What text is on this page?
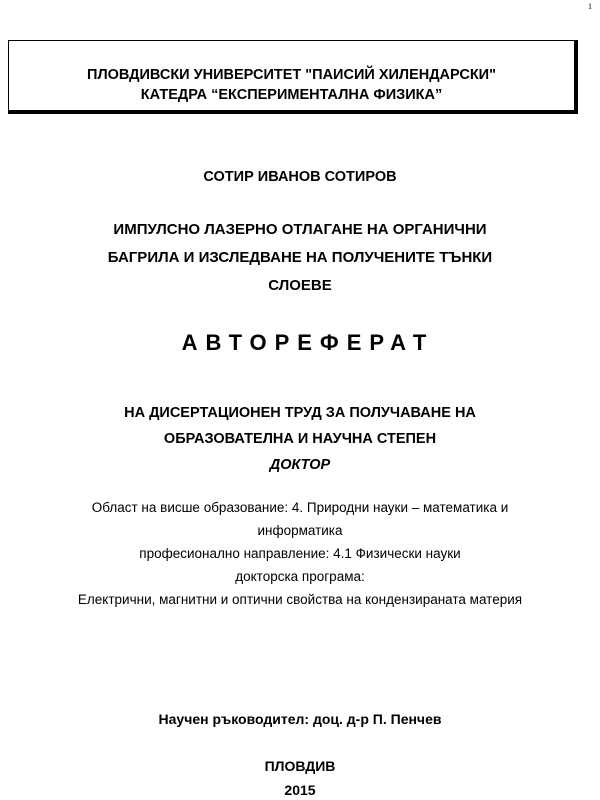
1
ПЛОВДИВСКИ УНИВЕРСИТЕТ "ПАИСИЙ ХИЛЕНДАРСКИ"
КАТЕДРА “ЕКСПЕРИМЕНТАЛНА ФИЗИКА”
СОТИР ИВАНОВ СОТИРОВ
ИМПУЛСНО ЛАЗЕРНО ОТЛАГАНЕ НА ОРГАНИЧНИ
БАГРИЛА И ИЗСЛЕДВАНЕ НА ПОЛУЧЕНИТЕ ТЪНКИ
СЛОЕВЕ
АВТОРЕФЕРАТ
НА ДИСЕРТАЦИОНЕН ТРУД ЗА ПОЛУЧАВАНЕ НА
ОБРАЗОВАТЕЛНА И НАУЧНА СТЕПЕН
ДОКТОР
Област на висше образование: 4. Природни науки – математика и
информатика
професионално направление: 4.1 Физически науки
докторска програма:
Електрични, магнитни и оптични свойства на кондензираната материя
Научен ръководител: доц. д-р П. Пенчев
ПЛОВДИВ
2015
